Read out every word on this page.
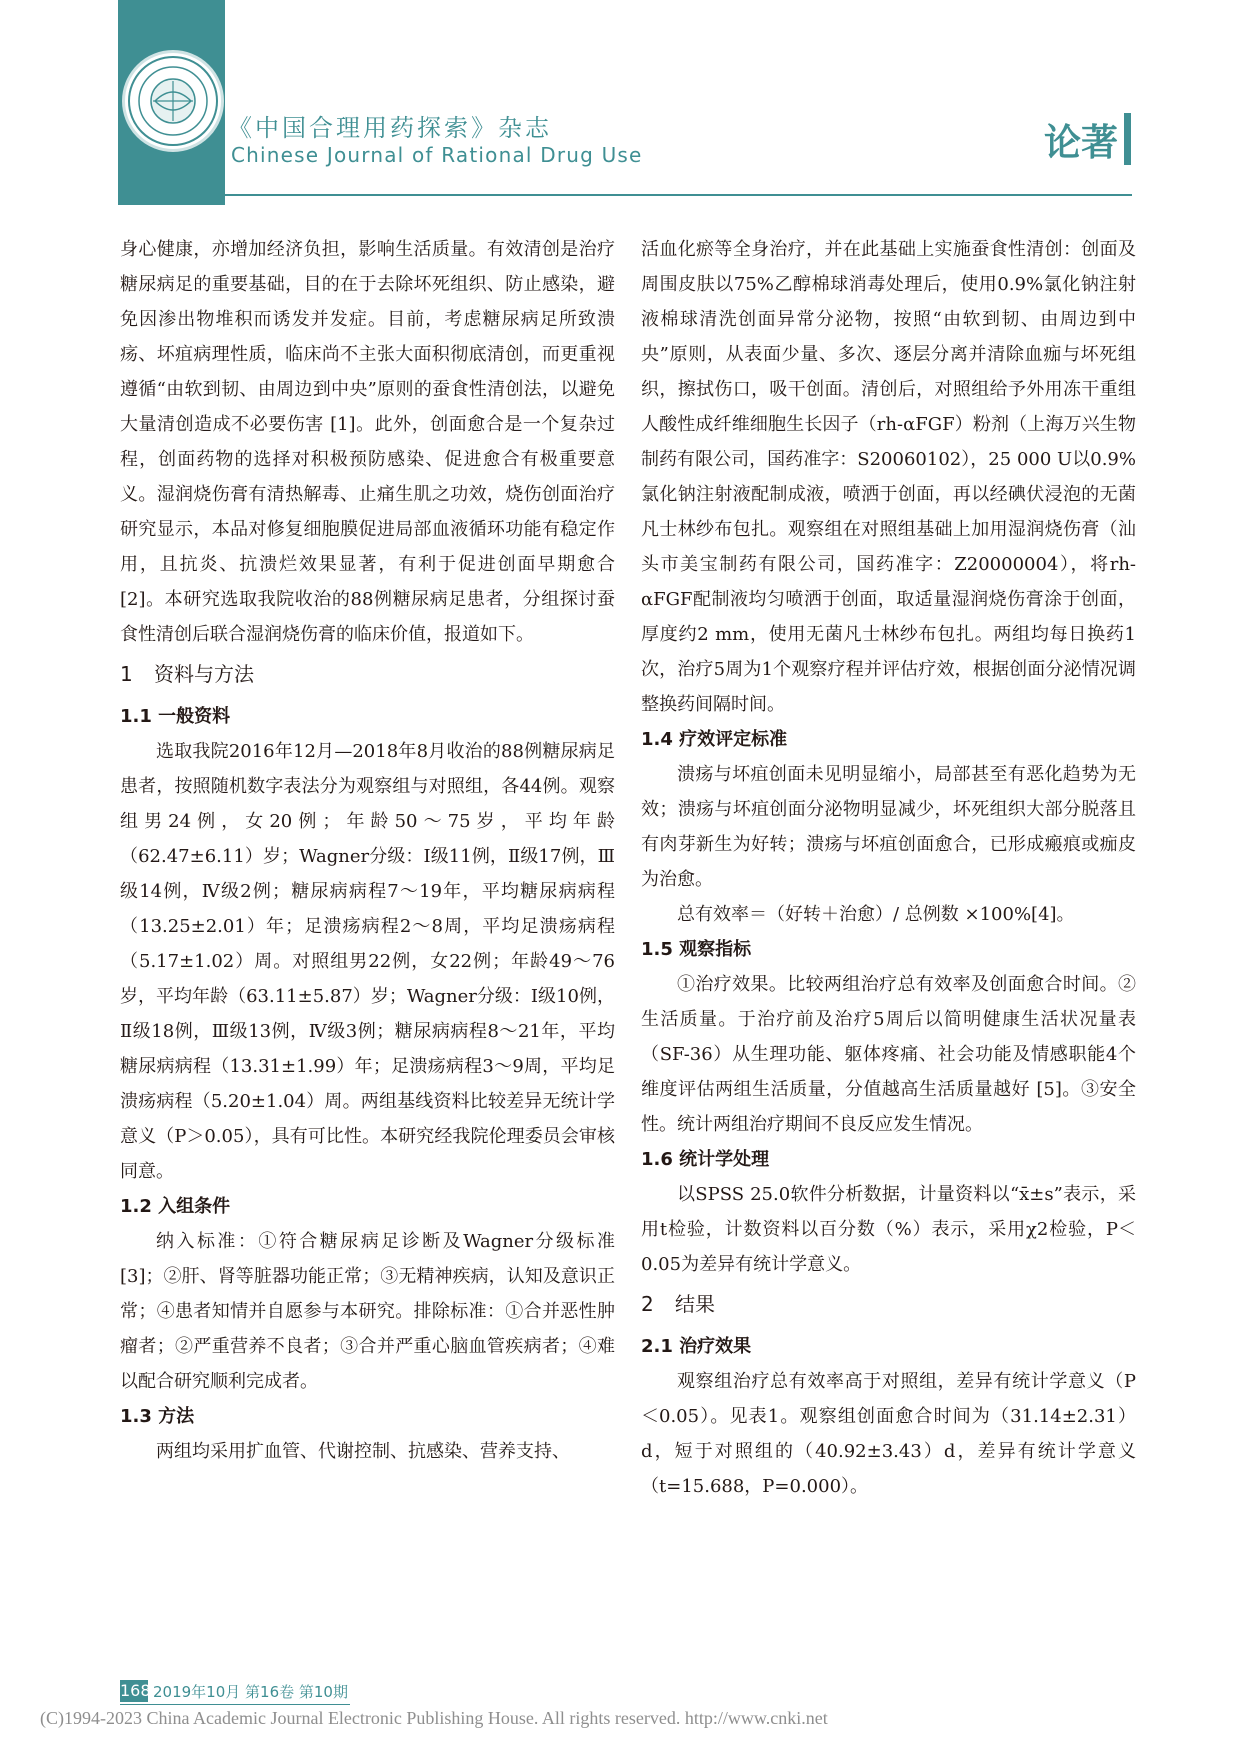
《中国合理用药探索》杂志
Chinese Journal of Rational Drug Use	论著

身心健康，亦增加经济负担，影响生活质量。有效清创是治疗糖尿病足的重要基础，目的在于去除坏死组织、防止感染，避免因渗出物堆积而诱发并发症。目前，考虑糖尿病足所致溃疡、坏疽病理性质，临床尚不主张大面积彻底清创，而更重视遵循“由软到韧、由周边到中央”原则的蚕食性清创法，以避免大量清创造成不必要伤害 [1]。此外，创面愈合是一个复杂过程，创面药物的选择对积极预防感染、促进愈合有极重要意义。湿润烧伤膏有清热解毒、止痛生肌之功效，烧伤创面治疗研究显示，本品对修复细胞膜促进局部血液循环功能有稳定作用，且抗炎、抗溃烂效果显著，有利于促进创面早期愈合 [2]。本研究选取我院收治的88例糖尿病足患者，分组探讨蚕食性清创后联合湿润烧伤膏的临床价值，报道如下。

1 资料与方法
1.1 一般资料

选取我院2016年12月—2018年8月收治的88例糖尿病足患者，按照随机数字表法分为观察组与对照组，各44例。观察组男24例，女20例；年龄50～75岁，平均年龄（62.47±6.11）岁；Wagner分级：Ⅰ级11例，Ⅱ级17例，Ⅲ级14例，Ⅳ级2例；糖尿病病程7～19年，平均糖尿病病程（13.25±2.01）年；足溃疡病程2～8周，平均足溃疡病程（5.17±1.02）周。对照组男22例，女22例；年龄49～76岁，平均年龄（63.11±5.87）岁；Wagner分级：Ⅰ级10例，Ⅱ级18例，Ⅲ级13例，Ⅳ级3例；糖尿病病程8～21年，平均糖尿病病程（13.31±1.99）年；足溃疡病程3～9周，平均足溃疡病程（5.20±1.04）周。两组基线资料比较差异无统计学意义（P＞0.05），具有可比性。本研究经我院伦理委员会审核同意。

1.2 入组条件

纳入标准：①符合糖尿病足诊断及Wagner分级标准 [3]；②肝、肾等脏器功能正常；③无精神疾病，认知及意识正常；④患者知情并自愿参与本研究。排除标准：①合并恶性肿瘤者；②严重营养不良者；③合并严重心脑血管疾病者；④难以配合研究顺利完成者。

1.3 方法

两组均采用扩血管、代谢控制、抗感染、营养支持、

活血化瘀等全身治疗，并在此基础上实施蚕食性清创：创面及周围皮肤以75%乙醇棉球消毒处理后，使用0.9%氯化钠注射液棉球清洗创面异常分泌物，按照“由软到韧、由周边到中央”原则，从表面少量、多次、逐层分离并清除血痂与坏死组织，擦拭伤口，吸干创面。清创后，对照组给予外用冻干重组人酸性成纤维细胞生长因子（rh-αFGF）粉剂（上海万兴生物制药有限公司，国药准字：S20060102），25 000 U以0.9%氯化钠注射液配制成液，喷洒于创面，再以经碘伏浸泡的无菌凡士林纱布包扎。观察组在对照组基础上加用湿润烧伤膏（汕头市美宝制药有限公司，国药准字：Z20000004），将rh-αFGF配制液均匀喷洒于创面，取适量湿润烧伤膏涂于创面，厚度约2 mm，使用无菌凡士林纱布包扎。两组均每日换药1次，治疗5周为1个观察疗程并评估疗效，根据创面分泌情况调整换药间隔时间。

1.4 疗效评定标准

溃疡与坏疽创面未见明显缩小，局部甚至有恶化趋势为无效；溃疡与坏疽创面分泌物明显减少，坏死组织大部分脱落且有肉芽新生为好转；溃疡与坏疽创面愈合，已形成瘢痕或痂皮为治愈。

总有效率＝（好转＋治愈）/ 总例数 ×100%[4]。

1.5 观察指标

①治疗效果。比较两组治疗总有效率及创面愈合时间。②生活质量。于治疗前及治疗5周后以简明健康生活状况量表（SF-36）从生理功能、躯体疼痛、社会功能及情感职能4个维度评估两组生活质量，分值越高生活质量越好 [5]。③安全性。统计两组治疗期间不良反应发生情况。

1.6 统计学处理

以SPSS 25.0软件分析数据，计量资料以“x̄±s”表示，采用t检验，计数资料以百分数（%）表示，采用χ2检验，P＜0.05为差异有统计学意义。

2 结果
2.1 治疗效果

观察组治疗总有效率高于对照组，差异有统计学意义（P＜0.05）。见表1。观察组创面愈合时间为（31.14±2.31）d，短于对照组的（40.92±3.43）d，差异有统计学意义（t=15.688，P=0.000）。

168 2019年10月 第16卷 第10期
(C)1994-2023 China Academic Journal Electronic Publishing House. All rights reserved. http://www.cnki.net
